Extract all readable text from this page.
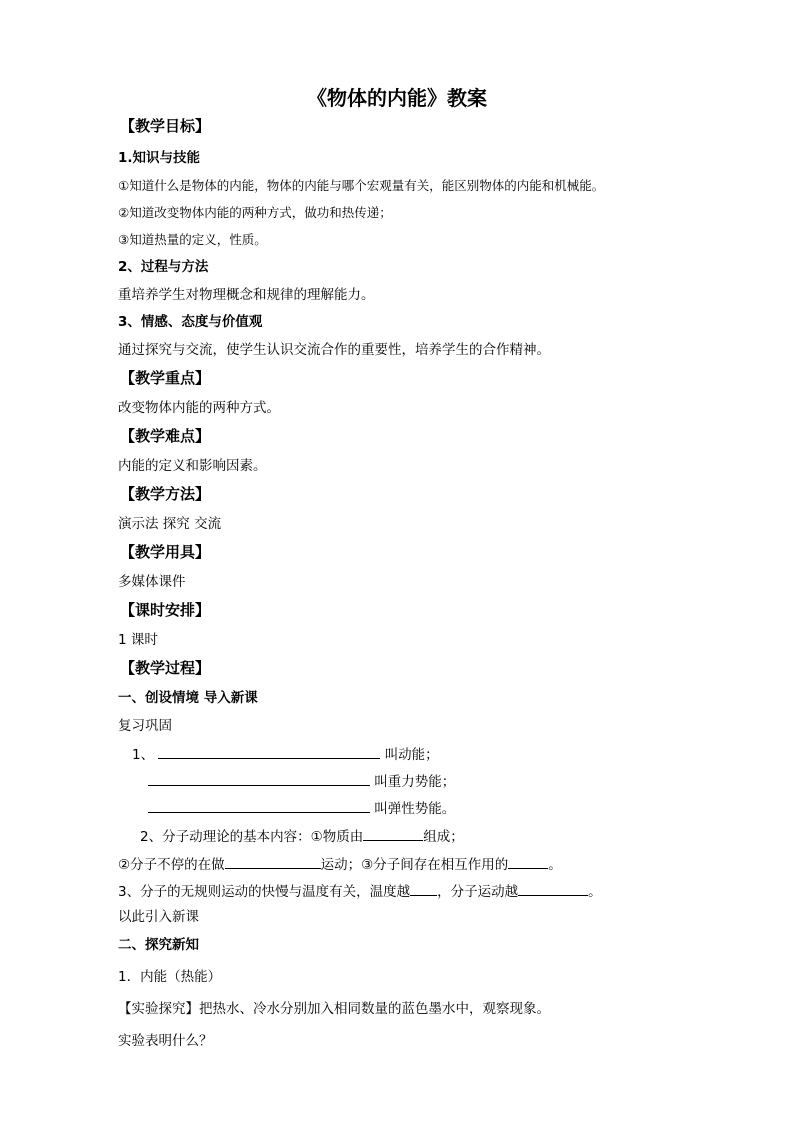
《物体的内能》教案
【教学目标】
1.知识与技能
①知道什么是物体的内能，物体的内能与哪个宏观量有关，能区别物体的内能和机械能。
②知道改变物体内能的两种方式，做功和热传递；
③知道热量的定义，性质。
2、过程与方法
重培养学生对物理概念和规律的理解能力。
3、情感、态度与价值观
通过探究与交流，使学生认识交流合作的重要性，培养学生的合作精神。
【教学重点】
改变物体内能的两种方式。
【教学难点】
内能的定义和影响因素。
【教学方法】
演示法 探究 交流
【教学用具】
多媒体课件
【课时安排】
1 课时
【教学过程】
一、创设情境 导入新课
复习巩固
1、	叫动能；
叫重力势能；
叫弹性势能。
2、分子动理论的基本内容：①物质由	组成；
②分子不停的在做	运动；③分子间存在相互作用的	。
3、分子的无规则运动的快慢与温度有关，温度越 ，分子运动越	。
以此引入新课
二、探究新知
1．内能（热能）
【实验探究】把热水、冷水分别加入相同数量的蓝色墨水中，观察现象。
实验表明什么？
